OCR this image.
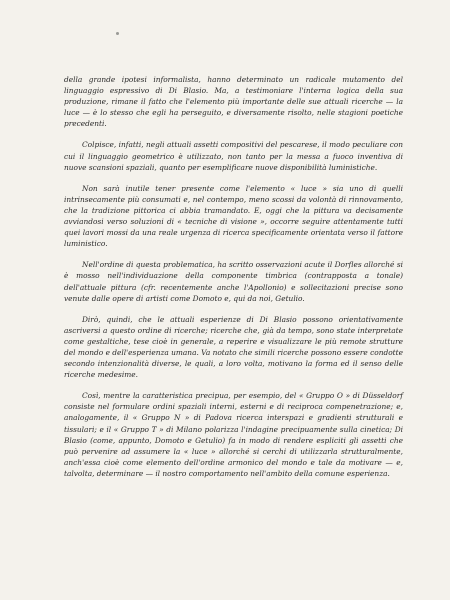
della grande ipotesi informalista, hanno determinato un radicale mutamento del linguaggio espressivo di Di Blasio. Ma, a testimoniare l'interna logica della sua produzione, rimane il fatto che l'elemento più importante delle sue attuali ricerche — la luce — è lo stesso che egli ha perseguito, e diversamente risolto, nelle stagioni poetiche precedenti.

Colpisce, infatti, negli attuali assetti compositivi del pescarese, il modo peculiare con cui il linguaggio geometrico è utilizzato, non tanto per la messa a fuoco inventiva di nuove scansioni spaziali, quanto per esemplificare nuove disponibilità luministiche.

Non sarà inutile tener presente come l'elemento « luce » sia uno di quelli intrinsecamente più consumati e, nel contempo, meno scossi da volontà di rinnovamento, che la tradizione pittorica ci abbia tramandato. E, oggi che la pittura va decisamente avviandosi verso soluzioni di « tecniche di visione », occorre seguire attentamente tutti quei lavori mossi da una reale urgenza di ricerca specificamente orientata verso il fattore luministico.

Nell'ordine di questa problematica, ha scritto osservazioni acute il Dorfles allorché si è mosso nell'individuazione della componente timbrica (contrapposta a tonale) dell'attuale pittura (cfr. recentemente anche l'Apollonio) e sollecitazioni precise sono venute dalle opere di artisti come Domoto e, qui da noi, Getulio.

Dirò, quindi, che le attuali esperienze di Di Blasio possono orientativamente ascriversi a questo ordine di ricerche; ricerche che, già da tempo, sono state interpretate come gestaltiche, tese cioè in generale, a reperire e visualizzare le più remote strutture del mondo e dell'esperienza umana. Va notato che simili ricerche possono essere condotte secondo intenzionalità diverse, le quali, a loro volta, motivano la forma ed il senso delle ricerche medesime.

Così, mentre la caratteristica precipua, per esempio, del « Gruppo O » di Düsseldorf consiste nel formulare ordini spaziali interni, esterni e di reciproca compenetrazione; e, analogamente, il « Gruppo N » di Padova ricerca interspazi e gradienti strutturali e tissulari; e il « Gruppo T » di Milano polarizza l'indagine precipuamente sulla cinetica; Di Blasio (come, appunto, Domoto e Getulio) fa in modo di rendere espliciti gli assetti che può pervenire ad assumere la « luce » allorché si cerchi di utilizzarla strutturalmente, anch'essa cioè come elemento dell'ordine armonico del mondo e tale da motivare — e, talvolta, determinare — il nostro comportamento nell'ambito della comune esperienza.
